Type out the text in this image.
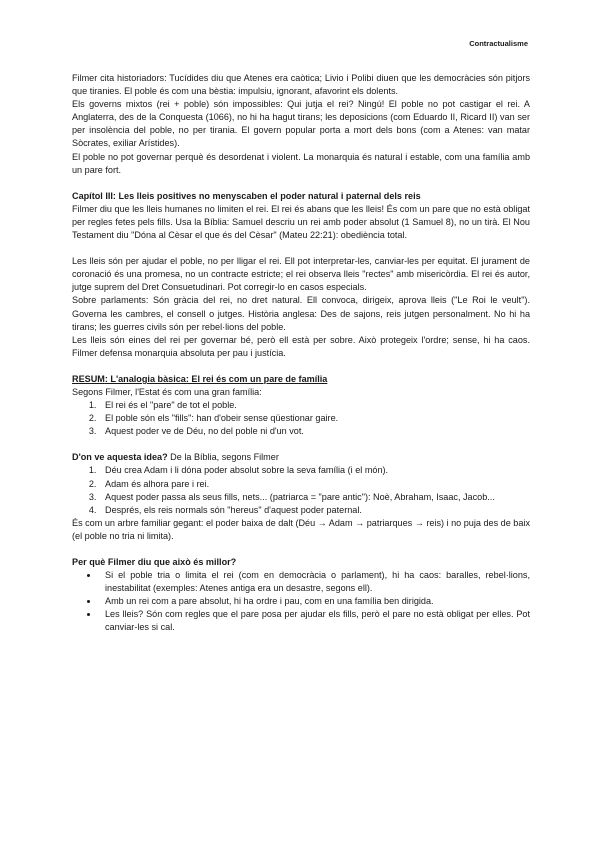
Contractualisme

Filmer cita historiadors: Tucídides diu que Atenes era caòtica; Livio i Polibi diuen que les democràcies són pitjors que tiranies. El poble és com una bèstia: impulsiu, ignorant, afavorint els dolents.

Els governs mixtos (rei + poble) són impossibles: Qui jutja el rei? Ningú! El poble no pot castigar el rei. A Anglaterra, des de la Conquesta (1066), no hi ha hagut tirans; les deposicions (com Eduardo II, Ricard II) van ser per insolència del poble, no per tirania. El govern popular porta a mort dels bons (com a Atenes: van matar Sòcrates, exiliar Arístides).

El poble no pot governar perquè és desordenat i violent. La monarquia és natural i estable, com una família amb un pare fort.

Capítol III: Les lleis positives no menyscaben el poder natural i paternal dels reis

Filmer diu que les lleis humanes no limiten el rei. El rei és abans que les lleis! És com un pare que no està obligat per regles fetes pels fills. Usa la Bíblia: Samuel descriu un rei amb poder absolut (1 Samuel 8), no un tirà. El Nou Testament diu "Dóna al Cèsar el que és del Cèsar" (Mateu 22:21): obediència total.

Les lleis són per ajudar el poble, no per lligar el rei. Ell pot interpretar-les, canviar-les per equitat. El jurament de coronació és una promesa, no un contracte estricte; el rei observa lleis "rectes" amb misericòrdia. El rei és autor, jutge suprem del Dret Consuetudinari. Pot corregir-lo en casos especials.

Sobre parlaments: Són gràcia del rei, no dret natural. Ell convoca, dirigeix, aprova lleis ("Le Roi le veult"). Governa les cambres, el consell o jutges. Història anglesa: Des de sajons, reis jutgen personalment. No hi ha tirans; les guerres civils són per rebel·lions del poble.

Les lleis són eines del rei per governar bé, però ell està per sobre. Això protegeix l'ordre; sense, hi ha caos. Filmer defensa monarquia absoluta per pau i justícia.

RESUM: L'analogia bàsica: El rei és com un pare de família

Segons Filmer, l'Estat és com una gran família:

1. El rei és el "pare" de tot el poble.
2. El poble són els "fills": han d'obeir sense qüestionar gaire.
3. Aquest poder ve de Déu, no del poble ni d'un vot.

D'on ve aquesta idea? De la Bíblia, segons Filmer

1. Déu crea Adam i li dóna poder absolut sobre la seva família (i el món).
2. Adam és alhora pare i rei.
3. Aquest poder passa als seus fills, nets... (patriarca = "pare antic"): Noè, Abraham, Isaac, Jacob...
4. Després, els reis normals són "hereus" d'aquest poder paternal.

És com un arbre familiar gegant: el poder baixa de dalt (Déu → Adam → patriarques → reis) i no puja des de baix (el poble no tria ni limita).

Per què Filmer diu que això és millor?

• Si el poble tria o limita el rei (com en democràcia o parlament), hi ha caos: baralles, rebel·lions, inestabilitat (exemples: Atenes antiga era un desastre, segons ell).
• Amb un rei com a pare absolut, hi ha ordre i pau, com en una família ben dirigida.
• Les lleis? Són com regles que el pare posa per ajudar els fills, però el pare no està obligat per elles. Pot canviar-les si cal.
